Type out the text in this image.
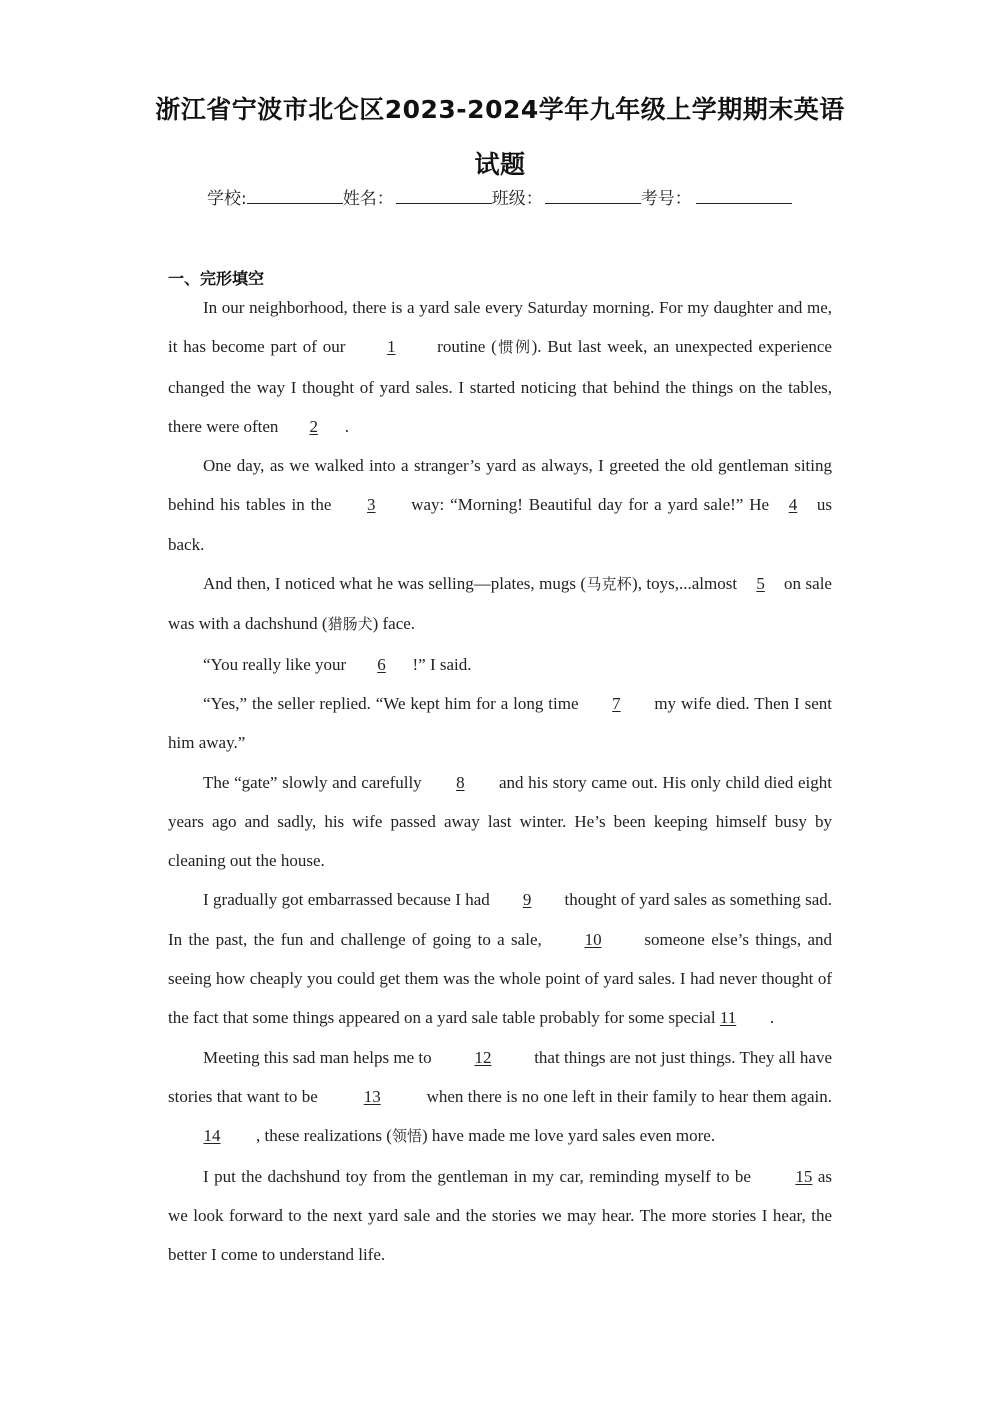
浙江省宁波市北仑区2023-2024学年九年级上学期期末英语
试题
学校:	姓名：	班级：	考号：
一、完形填空

In our neighborhood, there is a yard sale every Saturday morning. For my daughter and me, it has become part of our 1 routine (惯例). But last week, an unexpected experience changed the way I thought of yard sales. I started noticing that behind the things on the tables, there were often 2 .

One day, as we walked into a stranger’s yard as always, I greeted the old gentleman siting behind his tables in the 3 way: “Morning! Beautiful day for a yard sale!” He 4 us back.

And then, I noticed what he was selling—plates, mugs (马克杯), toys,...almost 5 on sale was with a dachshund (猎肠犬) face.

“You really like your 6 !” I said.

“Yes,” the seller replied. “We kept him for a long time 7 my wife died. Then I sent him away.”

The “gate” slowly and carefully 8 and his story came out. His only child died eight years ago and sadly, his wife passed away last winter. He’s been keeping himself busy by cleaning out the house.

I gradually got embarrassed because I had 9 thought of yard sales as something sad. In the past, the fun and challenge of going to a sale, 10 someone else’s things, and seeing how cheaply you could get them was the whole point of yard sales. I had never thought of the fact that some things appeared on a yard sale table probably for some special 11 .

Meeting this sad man helps me to 12 that things are not just things. They all have stories that want to be 13 when there is no one left in their family to hear them again. 14 , these realizations (领悟) have made me love yard sales even more.

I put the dachshund toy from the gentleman in my car, reminding myself to be 15 as we look forward to the next yard sale and the stories we may hear. The more stories I hear, the better I come to understand life.
